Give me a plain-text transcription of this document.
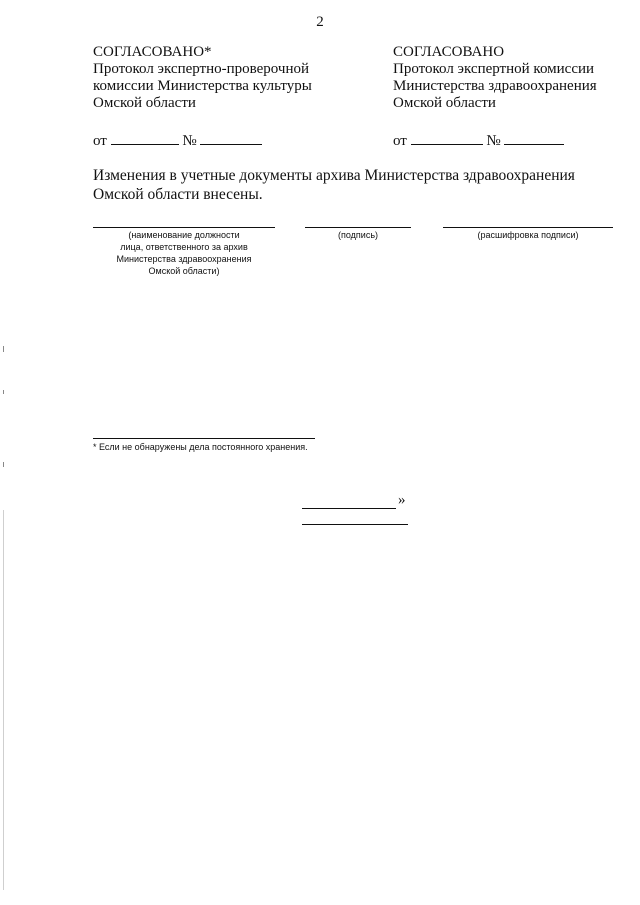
2
СОГЛАСОВАНО*
Протокол экспертно-проверочной
комиссии Министерства культуры
Омской области
СОГЛАСОВАНО
Протокол экспертной комиссии
Министерства здравоохранения
Омской области
от	№	от	№
Изменения в учетные документы архива Министерства здравоохранения
Омской области внесены.
(наименование должности
лица, ответственного за архив
Министерства здравоохранения
Омской области)
(подпись)	(расшифровка подписи)
* Если не обнаружены дела постоянного хранения.
»
